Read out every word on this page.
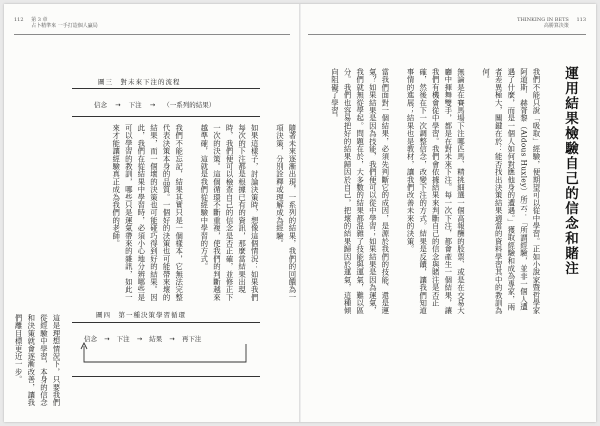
112 第 3 章
占卜精準來 一手打造個人贏局
THINKING IN BETS
高勝算決策
113
運用結果檢驗自己的信念和賭注
我們不能只說「吸取」經驗，便期望可以從中學習。正如小說家暨哲學家阿道斯．赫胥黎（Aldous Huxley）所云：「所謂經驗，並非一個人遭遇了什麼，而是一個人如何對應他身的遭遇。」獲取經驗和成為專家，兩者差異極大，關鍵在於：能否找出決策結果適當的資料學習其中的教訓為何。

無論是在賽馬場下注哪匹馬、精挑細選一個高報酬的股票、或是在交易大廳中揮舞雙手，都是在對未來下注。每一次下注，都會產生一個結果，讓我們有機會從中學習。我們會依據結果來判斷自己的信念與賭注是否正確，然後在下一次調整信念，改變下注的方式。結果是反饋，讓我們知道事情的進展；結果也是教材，讓我們改善未來的決策。

當我們面對一個結果，必須先判斷它的成因，是源於我們的技能、還是運氣？如果結果是因為技能，我們便可以從中學習；如果結果是因為運氣，我們就無從學起。問題在於，大多數的結果都混雜了技能與運氣，難以區分。我們也容易把好的結果歸因於自己，把壞的結果歸因於運氣，這種傾向阻礙了學習。
圖三　對未來下注的流程
信念 → 下注 → （一系列的結果）
隨著未來逐漸出現，一系列的結果，我們的回饋為一項決策，分別詮釋或理解成為經驗。

如果這樣子，討論決策時，想像這個情況：如果我們每次的下注都是根據已有的資訊，那麼當結果出現時，我們便可以檢查自己的信念是否正確，並修正下一次的決策。這個循環不斷重複，使我們的判斷越來越準確，這就是我們從經驗中學習的方式。

我們不能忘記，結果其實只是一個樣本，它無法完整代表決策本身的品質。一個好的決策也可能帶來壞的結果，而一個壞的決策也可能碰巧得到好的結果。因此，我們在從結果中學習時，必須小心地分辨哪些是可以學習的教訓，哪些只是運氣帶來的雜訊，如此一來才能讓經驗真正成為我們的老師。
圖四　第一種決策學習循環
信念 → 下注 → 結果 → 再下注
這是理想情況下，只要我們從經驗中學習，本身的信念和決策就會逐漸改善，讓我們離目標更近一步。
